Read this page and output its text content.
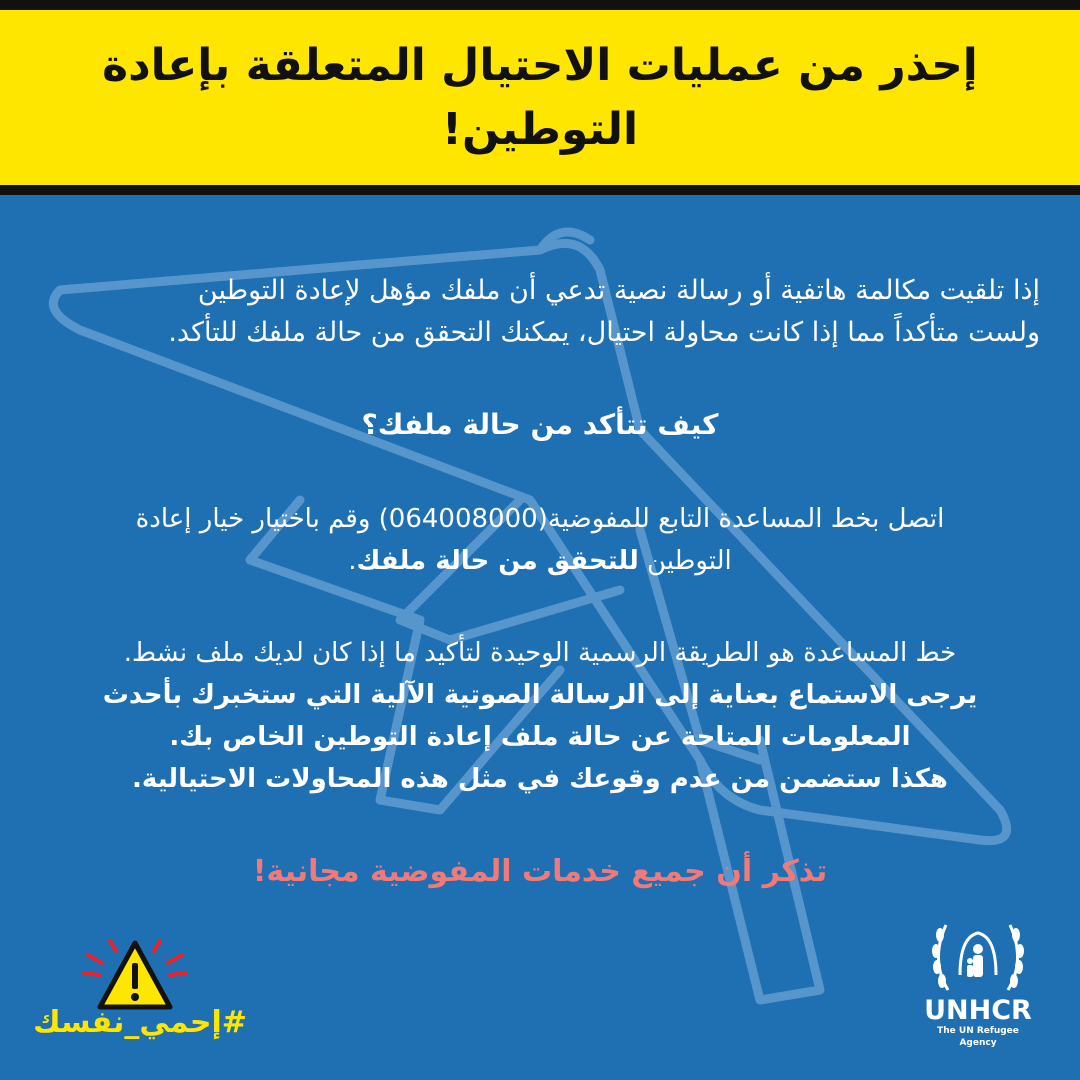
إحذر من عمليات الاحتيال المتعلقة بإعادة
التوطين!

إذا تلقيت مكالمة هاتفية أو رسالة نصية تدعي أن ملفك مؤهل لإعادة التوطين
ولست متأكداً مما إذا كانت محاولة احتيال، يمكنك التحقق من حالة ملفك للتأكد.

كيف تتأكد من حالة ملفك؟

اتصل بخط المساعدة التابع للمفوضية(064008000) وقم باختيار خيار إعادة
التوطين للتحقق من حالة ملفك.

خط المساعدة هو الطريقة الرسمية الوحيدة لتأكيد ما إذا كان لديك ملف نشط.
يرجى الاستماع بعناية إلى الرسالة الصوتية الآلية التي ستخبرك بأحدث
المعلومات المتاحة عن حالة ملف إعادة التوطين الخاص بك.
هكذا ستضمن من عدم وقوعك في مثل هذه المحاولات الاحتيالية.

تذكر أن جميع خدمات المفوضية مجانية!

#إحمي_نفسك	UNHCR
The UN Refugee Agency
